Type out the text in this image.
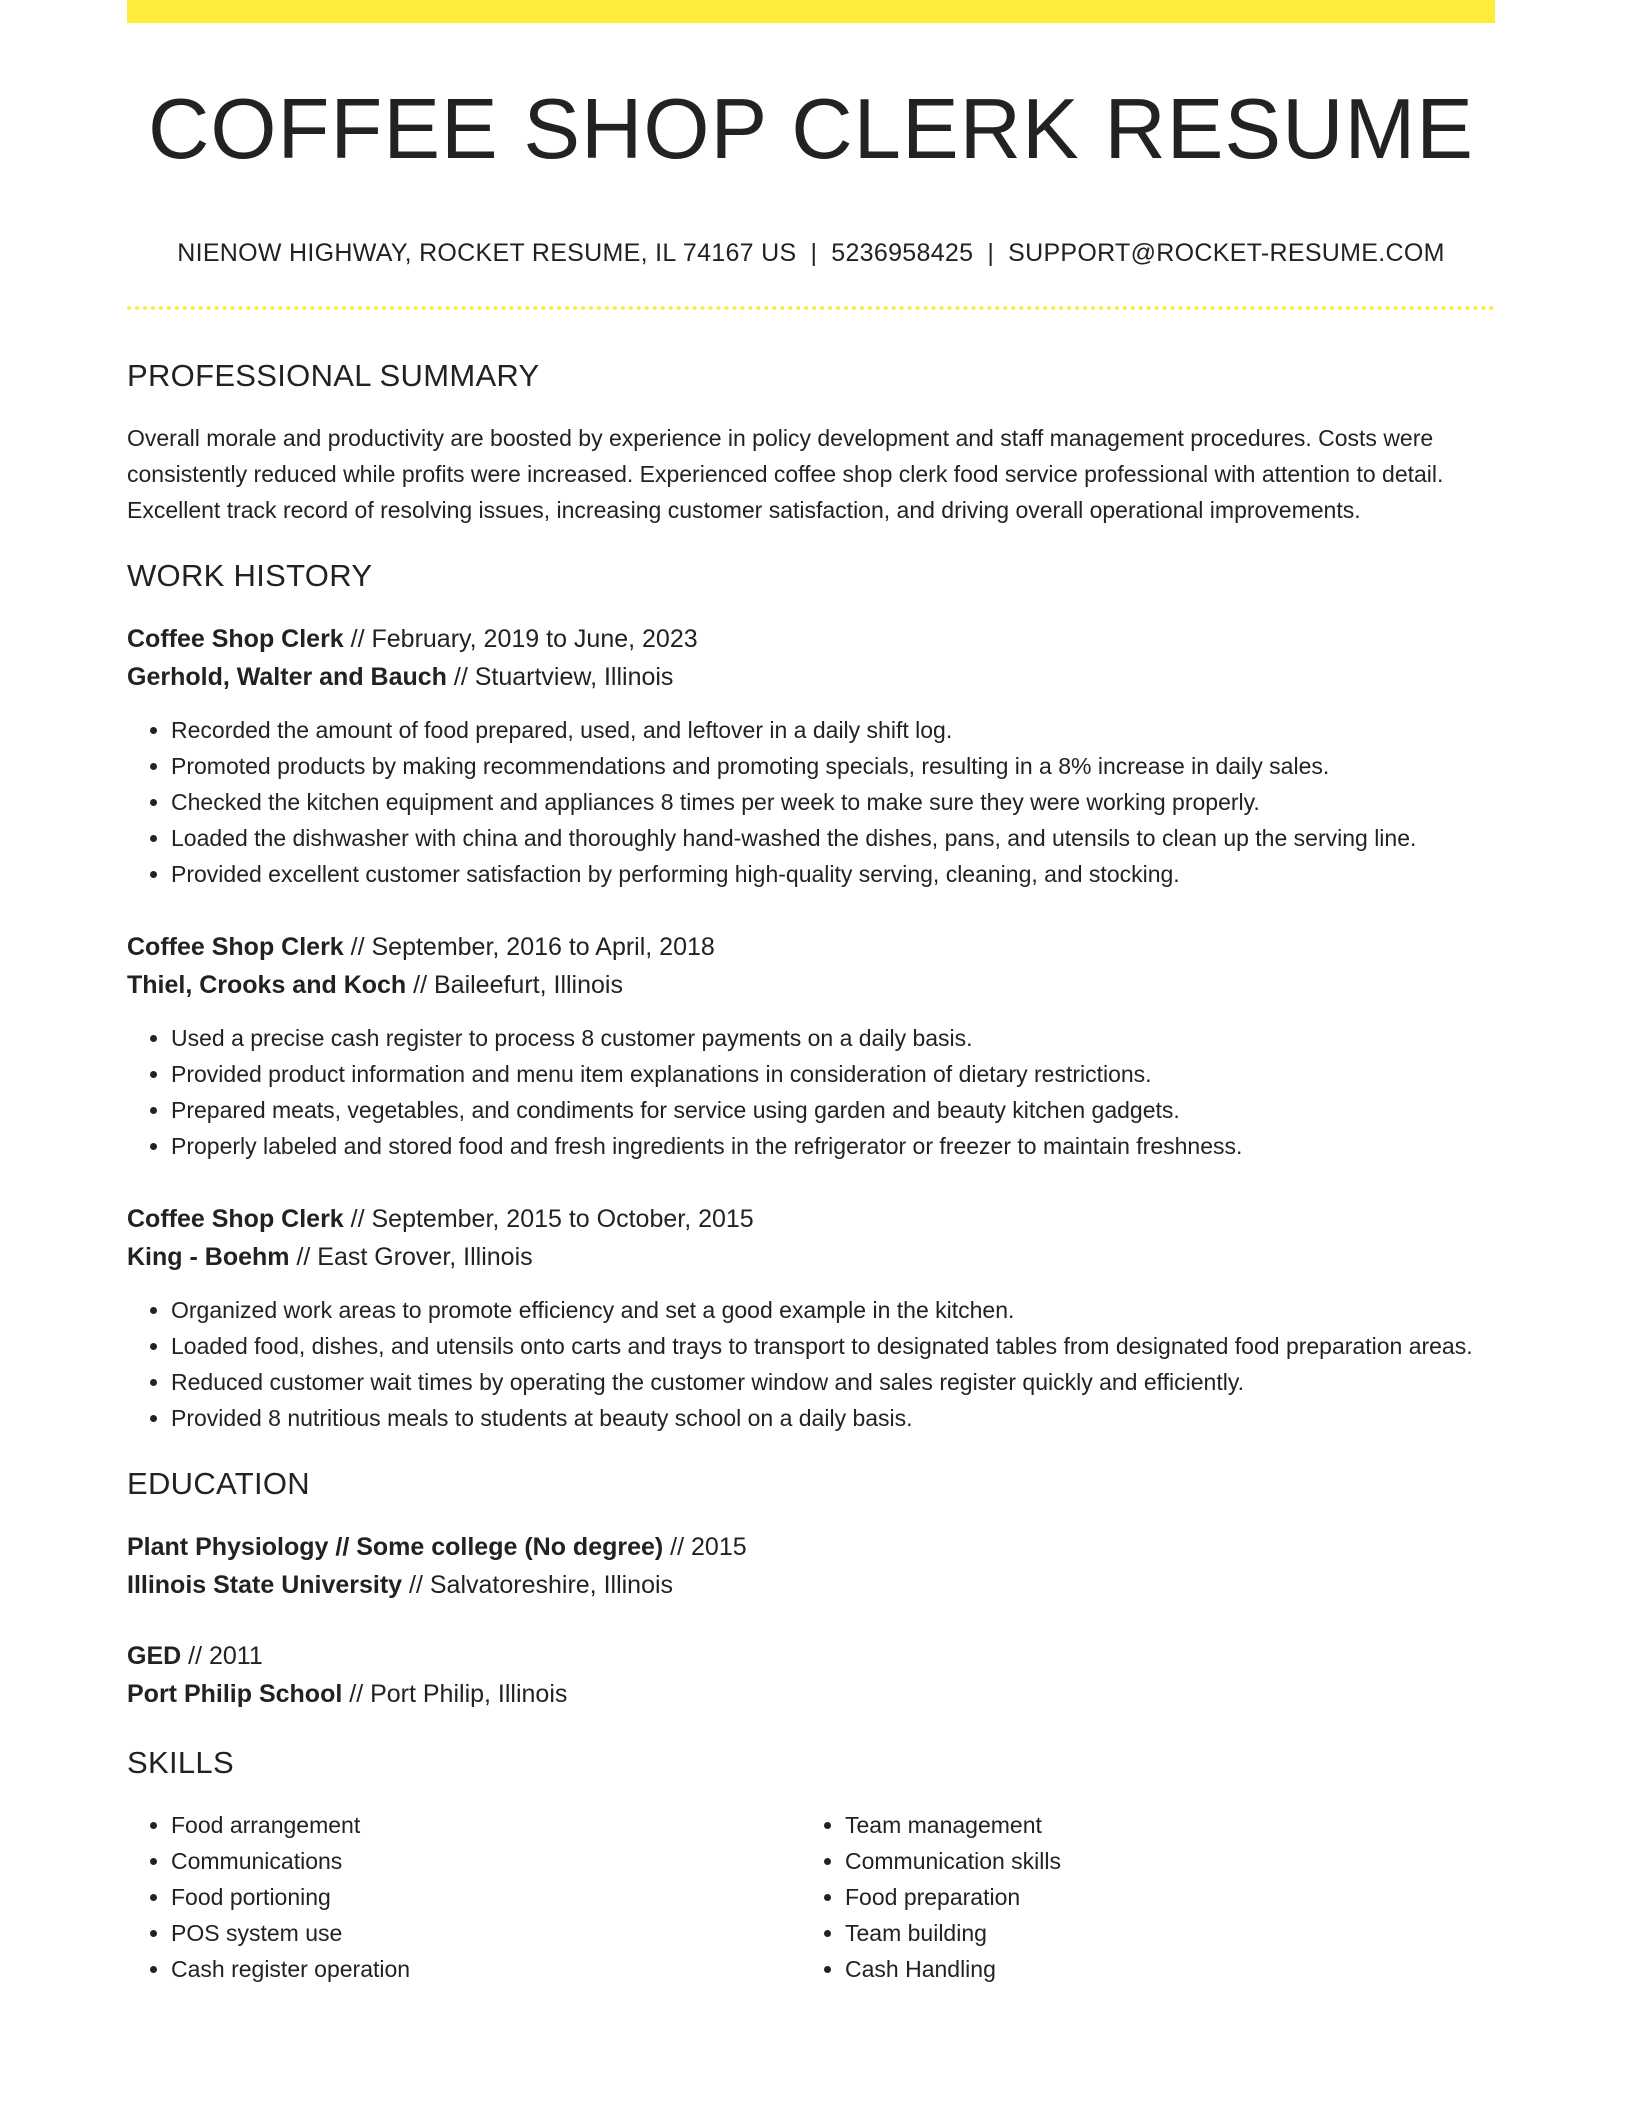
COFFEE SHOP CLERK RESUME
NIENOW HIGHWAY, ROCKET RESUME, IL 74167 US | 5236958425 | SUPPORT@ROCKET-RESUME.COM
PROFESSIONAL SUMMARY
Overall morale and productivity are boosted by experience in policy development and staff management procedures. Costs were consistently reduced while profits were increased. Experienced coffee shop clerk food service professional with attention to detail. Excellent track record of resolving issues, increasing customer satisfaction, and driving overall operational improvements.
WORK HISTORY
Coffee Shop Clerk // February, 2019 to June, 2023
Gerhold, Walter and Bauch // Stuartview, Illinois
• Recorded the amount of food prepared, used, and leftover in a daily shift log.
• Promoted products by making recommendations and promoting specials, resulting in a 8% increase in daily sales.
• Checked the kitchen equipment and appliances 8 times per week to make sure they were working properly.
• Loaded the dishwasher with china and thoroughly hand-washed the dishes, pans, and utensils to clean up the serving line.
• Provided excellent customer satisfaction by performing high-quality serving, cleaning, and stocking.
Coffee Shop Clerk // September, 2016 to April, 2018
Thiel, Crooks and Koch // Baileefurt, Illinois
• Used a precise cash register to process 8 customer payments on a daily basis.
• Provided product information and menu item explanations in consideration of dietary restrictions.
• Prepared meats, vegetables, and condiments for service using garden and beauty kitchen gadgets.
• Properly labeled and stored food and fresh ingredients in the refrigerator or freezer to maintain freshness.
Coffee Shop Clerk // September, 2015 to October, 2015
King - Boehm // East Grover, Illinois
• Organized work areas to promote efficiency and set a good example in the kitchen.
• Loaded food, dishes, and utensils onto carts and trays to transport to designated tables from designated food preparation areas.
• Reduced customer wait times by operating the customer window and sales register quickly and efficiently.
• Provided 8 nutritious meals to students at beauty school on a daily basis.
EDUCATION
Plant Physiology // Some college (No degree) // 2015
Illinois State University // Salvatoreshire, Illinois
GED // 2011
Port Philip School // Port Philip, Illinois
SKILLS
• Food arrangement
• Communications
• Food portioning
• POS system use
• Cash register operation
• Team management
• Communication skills
• Food preparation
• Team building
• Cash Handling
